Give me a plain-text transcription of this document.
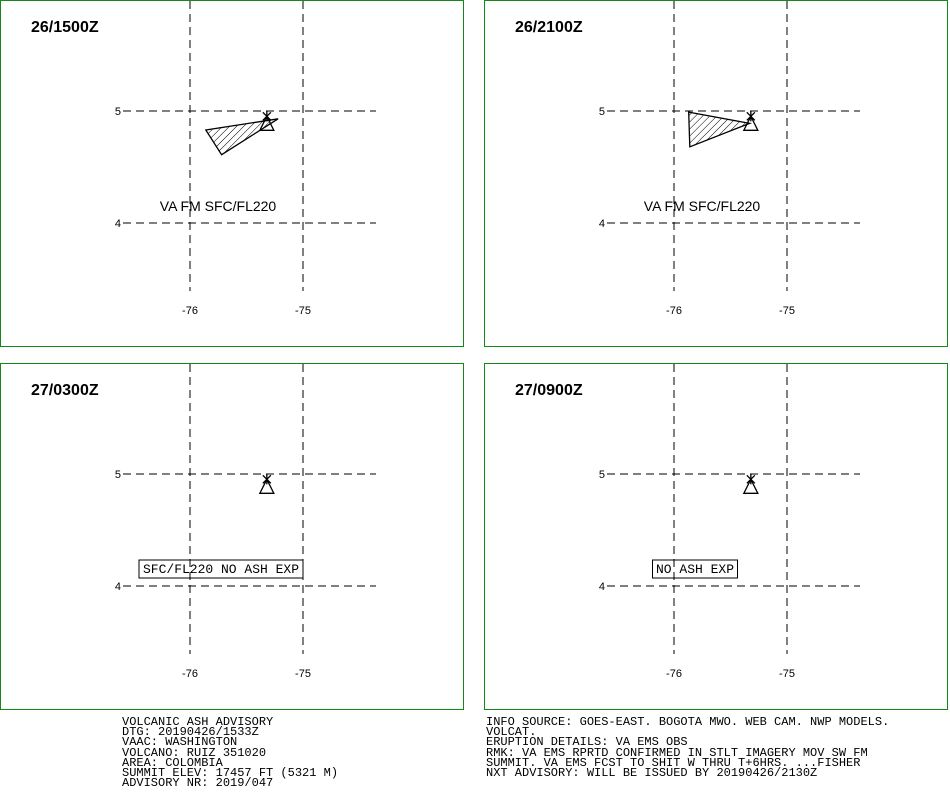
26/1500Z
-76	-75
5
4
VA FM SFC/FL220
26/2100Z
-76	-75
5
4
VA FM SFC/FL220
27/0300Z
-76	-75
5
4
SFC/FL220 NO ASH EXP
27/0900Z
-76	-75
5
4
NO ASH EXP
VOLCANIC ASH ADVISORY
DTG: 20190426/1533Z
VAAC: WASHINGTON
VOLCANO: RUIZ 351020
AREA: COLOMBIA
SUMMIT ELEV: 17457 FT (5321 M)
ADVISORY NR: 2019/047
INFO SOURCE: GOES-EAST. BOGOTA MWO. WEB CAM. NWP MODELS.
VOLCAT.
ERUPTION DETAILS: VA EMS OBS
RMK: VA EMS RPRTD CONFIRMED IN STLT IMAGERY MOV SW FM
SUMMIT. VA EMS FCST TO SHIT W THRU T+6HRS. ...FISHER
NXT ADVISORY: WILL BE ISSUED BY 20190426/2130Z
